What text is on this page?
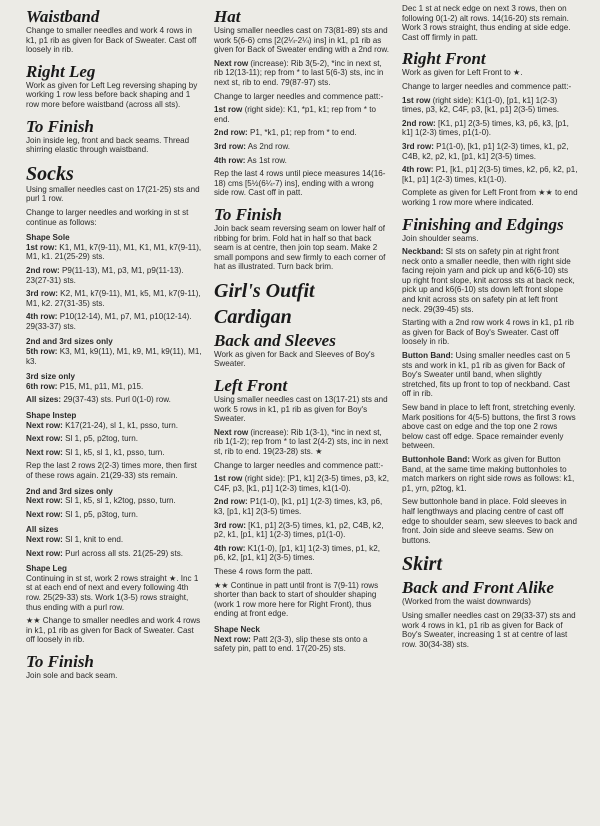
Waistband

Change to smaller needles and work 4 rows in k1, p1 rib as given for Back of Sweater. Cast off loosely in rib.

Right Leg

Work as given for Left Leg reversing shaping by working 1 row less before back shaping and 1 row more before waistband (across all sts).

To Finish

Join inside leg, front and back seams. Thread shirring elastic through waistband.

Socks

Using smaller needles cast on 17(21-25) sts and purl 1 row.

Change to larger needles and working in st st continue as follows:

Shape Sole

1st row: K1, M1, k7(9-11), M1, K1, M1, k7(9-11), M1, k1. 21(25-29) sts.

2nd row: P9(11-13), M1, p3, M1, p9(11-13). 23(27-31) sts.

3rd row: K2, M1, k7(9-11), M1, k5, M1, k7(9-11), M1, k2. 27(31-35) sts.

4th row: P10(12-14), M1, p7, M1, p10(12-14). 29(33-37) sts.

2nd and 3rd sizes only

5th row: K3, M1, k9(11), M1, k9, M1, k9(11), M1, k3.

3rd size only

6th row: P15, M1, p11, M1, p15.

All sizes: 29(37-43) sts. Purl 0(1-0) row.

Shape Instep

Next row: K17(21-24), sl 1, k1, psso, turn.

Next row: Sl 1, p5, p2tog, turn.

Next row: Sl 1, k5, sl 1, k1, psso, turn.

Rep the last 2 rows 2(2-3) times more, then first of these rows again. 21(29-33) sts remain.

2nd and 3rd sizes only

Next row: Sl 1, k5, sl 1, k2tog, psso, turn.

Next row: Sl 1, p5, p3tog, turn.

All sizes

Next row: Sl 1, knit to end.

Next row: Purl across all sts. 21(25-29) sts.

Shape Leg

Continuing in st st, work 2 rows straight ★. Inc 1 st at each end of next and every following 4th row. 25(29-33) sts. Work 1(3-5) rows straight, thus ending with a purl row.

★★ Change to smaller needles and work 4 rows in k1, p1 rib as given for Back of Sweater. Cast off loosely in rib.

To Finish

Join sole and back seam.

Hat

Using smaller needles cast on 73(81-89) sts and work 5(6-6) cms [2(2¼-2¼) ins] in k1, p1 rib as given for Back of Sweater ending with a 2nd row.

Next row (increase): Rib 3(5-2), *inc in next st, rib 12(13-11); rep from * to last 5(6-3) sts, inc in next st, rib to end. 79(87-97) sts.

Change to larger needles and commence patt:-

1st row (right side): K1, *p1, k1; rep from * to end.

2nd row: P1, *k1, p1; rep from * to end.

3rd row: As 2nd row.

4th row: As 1st row.

Rep the last 4 rows until piece measures 14(16-18) cms [5½(6¼-7) ins], ending with a wrong side row. Cast off in patt.

To Finish

Join back seam reversing seam on lower half of ribbing for brim. Fold hat in half so that back seam is at centre, then join top seam. Make 2 small pompons and sew firmly to each corner of hat as illustrated. Turn back brim.

Girl's Outfit
Cardigan
Back and Sleeves

Work as given for Back and Sleeves of Boy's Sweater.

Left Front

Using smaller needles cast on 13(17-21) sts and work 5 rows in k1, p1 rib as given for Boy's Sweater.

Next row (increase): Rib 1(3-1), *inc in next st, rib 1(1-2); rep from * to last 2(4-2) sts, inc in next st, rib to end. 19(23-28) sts. ★

Change to larger needles and commence patt:-

1st row (right side): [P1, k1] 2(3-5) times, p3, k2, C4F, p3, [k1, p1] 1(2-3) times, k1(1-0).

2nd row: P1(1-0), [k1, p1] 1(2-3) times, k3, p6, k3, [p1, k1] 2(3-5) times.

3rd row: [K1, p1] 2(3-5) times, k1, p2, C4B, k2, p2, k1, [p1, k1] 1(2-3) times, p1(1-0).

4th row: K1(1-0), [p1, k1] 1(2-3) times, p1, k2, p6, k2, [p1, k1] 2(3-5) times.

These 4 rows form the patt.

★★ Continue in patt until front is 7(9-11) rows shorter than back to start of shoulder shaping (work 1 row more here for Right Front), thus ending at front edge.

Shape Neck

Next row: Patt 2(3-3), slip these sts onto a safety pin, patt to end. 17(20-25) sts.

Dec 1 st at neck edge on next 3 rows, then on following 0(1-2) alt rows. 14(16-20) sts remain. Work 3 rows straight, thus ending at side edge. Cast off firmly in patt.

Right Front

Work as given for Left Front to ★.

Change to larger needles and commence patt:-

1st row (right side): K1(1-0), [p1, k1] 1(2-3) times, p3, k2, C4F, p3, [k1, p1] 2(3-5) times.

2nd row: [K1, p1] 2(3-5) times, k3, p6, k3, [p1, k1] 1(2-3) times, p1(1-0).

3rd row: P1(1-0), [k1, p1] 1(2-3) times, k1, p2, C4B, k2, p2, k1, [p1, k1] 2(3-5) times.

4th row: P1, [k1, p1] 2(3-5) times, k2, p6, k2, p1, [k1, p1] 1(2-3) times, k1(1-0).

Complete as given for Left Front from ★★ to end working 1 row more where indicated.

Finishing and Edgings

Join shoulder seams.

Neckband: Sl sts on safety pin at right front neck onto a smaller needle, then with right side facing rejoin yarn and pick up and k6(6-10) sts up right front slope, knit across sts at back neck, pick up and k6(6-10) sts down left front slope and knit across sts on safety pin at left front neck. 29(39-45) sts.

Starting with a 2nd row work 4 rows in k1, p1 rib as given for Back of Boy's Sweater. Cast off loosely in rib.

Button Band: Using smaller needles cast on 5 sts and work in k1, p1 rib as given for Back of Boy's Sweater until band, when slightly stretched, fits up front to top of neckband. Cast off in rib.

Sew band in place to left front, stretching evenly. Mark positions for 4(5-5) buttons, the first 3 rows above cast on edge and the top one 2 rows below cast off edge. Space remainder evenly between.

Buttonhole Band: Work as given for Button Band, at the same time making buttonholes to match markers on right side rows as follows: k1, p1, yrn, p2tog, k1.

Sew buttonhole band in place. Fold sleeves in half lengthways and placing centre of cast off edge to shoulder seam, sew sleeves to back and front. Join side and sleeve seams. Sew on buttons.

Skirt
Back and Front Alike

(Worked from the waist downwards)

Using smaller needles cast on 29(33-37) sts and work 4 rows in k1, p1 rib as given for Back of Boy's Sweater, increasing 1 st at centre of last row. 30(34-38) sts.
